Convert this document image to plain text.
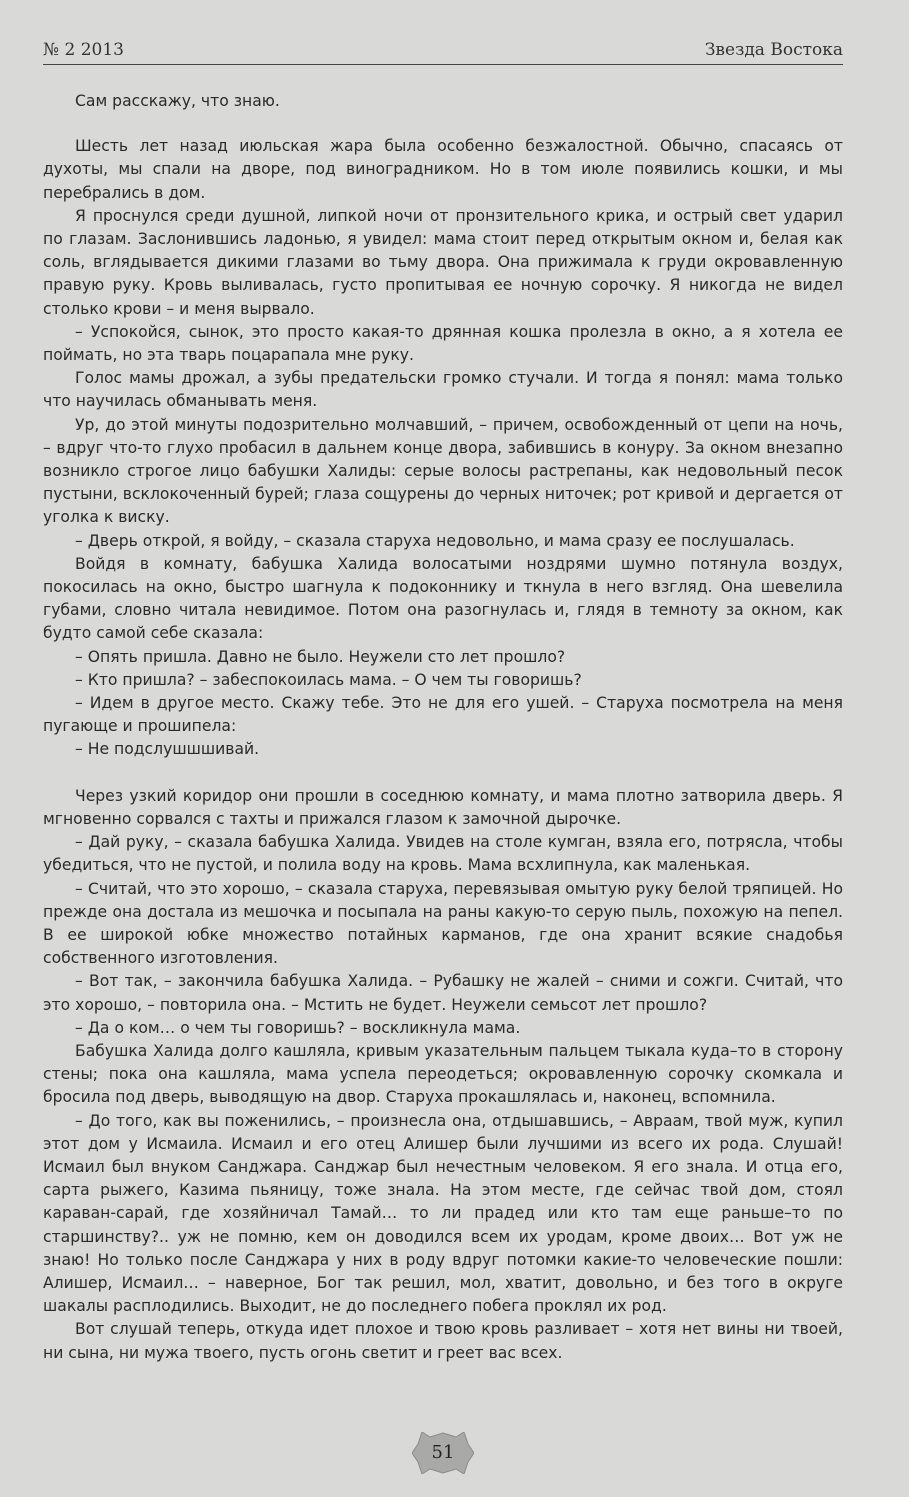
№ 2 2013	Звезда Востока

Сам расскажу, что знаю.

Шесть лет назад июльская жара была особенно безжалостной. Обычно, спасаясь от духоты, мы спали на дворе, под виноградником. Но в том июле появились кошки, и мы перебрались в дом.

Я проснулся среди душной, липкой ночи от пронзительного крика, и острый свет ударил по глазам. Заслонившись ладонью, я увидел: мама стоит перед открытым окном и, белая как соль, вглядывается дикими глазами во тьму двора. Она прижимала к груди окровавленную правую руку. Кровь выливалась, густо пропитывая ее ночную сорочку. Я никогда не видел столько крови – и меня вырвало.

– Успокойся, сынок, это просто какая-то дрянная кошка пролезла в окно, а я хотела ее поймать, но эта тварь поцарапала мне руку.

Голос мамы дрожал, а зубы предательски громко стучали. И тогда я понял: мама только что научилась обманывать меня.

Ур, до этой минуты подозрительно молчавший, – причем, освобожденный от цепи на ночь, – вдруг что-то глухо пробасил в дальнем конце двора, забившись в конуру. За окном внезапно возникло строгое лицо бабушки Халиды: серые волосы растрепаны, как недовольный песок пустыни, всклокоченный бурей; глаза сощурены до черных ниточек; рот кривой и дергается от уголка к виску.

– Дверь открой, я войду, – сказала старуха недовольно, и мама сразу ее послушалась.

Войдя в комнату, бабушка Халида волосатыми ноздрями шумно потянула воздух, покосилась на окно, быстро шагнула к подоконнику и ткнула в него взгляд. Она шевелила губами, словно читала невидимое. Потом она разогнулась и, глядя в темноту за окном, как будто самой себе сказала:

– Опять пришла. Давно не было. Неужели сто лет прошло?

– Кто пришла? – забеспокоилась мама. – О чем ты говоришь?

– Идем в другое место. Скажу тебе. Это не для его ушей. – Старуха посмотрела на меня пугающе и прошипела:

– Не подслушшшивай.

Через узкий коридор они прошли в соседнюю комнату, и мама плотно затворила дверь. Я мгновенно сорвался с тахты и прижался глазом к замочной дырочке.

– Дай руку, – сказала бабушка Халида. Увидев на столе кумган, взяла его, потрясла, чтобы убедиться, что не пустой, и полила воду на кровь. Мама всхлипнула, как маленькая.

– Считай, что это хорошо, – сказала старуха, перевязывая омытую руку белой тряпицей. Но прежде она достала из мешочка и посыпала на раны какую-то серую пыль, похожую на пепел. В ее широкой юбке множество потайных карманов, где она хранит всякие снадобья собственного изготовления.

– Вот так, – закончила бабушка Халида. – Рубашку не жалей – сними и сожги. Считай, что это хорошо, – повторила она. – Мстить не будет. Неужели семьсот лет прошло?

– Да о ком… о чем ты говоришь? – воскликнула мама.

Бабушка Халида долго кашляла, кривым указательным пальцем тыкала куда–то в сторону стены; пока она кашляла, мама успела переодеться; окровавленную сорочку скомкала и бросила под дверь, выводящую на двор. Старуха прокашлялась и, наконец, вспомнила.

– До того, как вы поженились, – произнесла она, отдышавшись, – Авраам, твой муж, купил этот дом у Исмаила. Исмаил и его отец Алишер были лучшими из всего их рода. Слушай! Исмаил был внуком Санджара. Санджар был нечестным человеком. Я его знала. И отца его, сарта рыжего, Казима пьяницу, тоже знала. На этом месте, где сейчас твой дом, стоял караван-сарай, где хозяйничал Тамай… то ли прадед или кто там еще раньше–то по старшинству?.. уж не помню, кем он доводился всем их уродам, кроме двоих… Вот уж не знаю! Но только после Санджара у них в роду вдруг потомки какие-то человеческие пошли: Алишер, Исмаил… – наверное, Бог так решил, мол, хватит, довольно, и без того в округе шакалы расплодились. Выходит, не до последнего побега проклял их род.

Вот слушай теперь, откуда идет плохое и твою кровь разливает – хотя нет вины ни твоей, ни сына, ни мужа твоего, пусть огонь светит и греет вас всех.

51
